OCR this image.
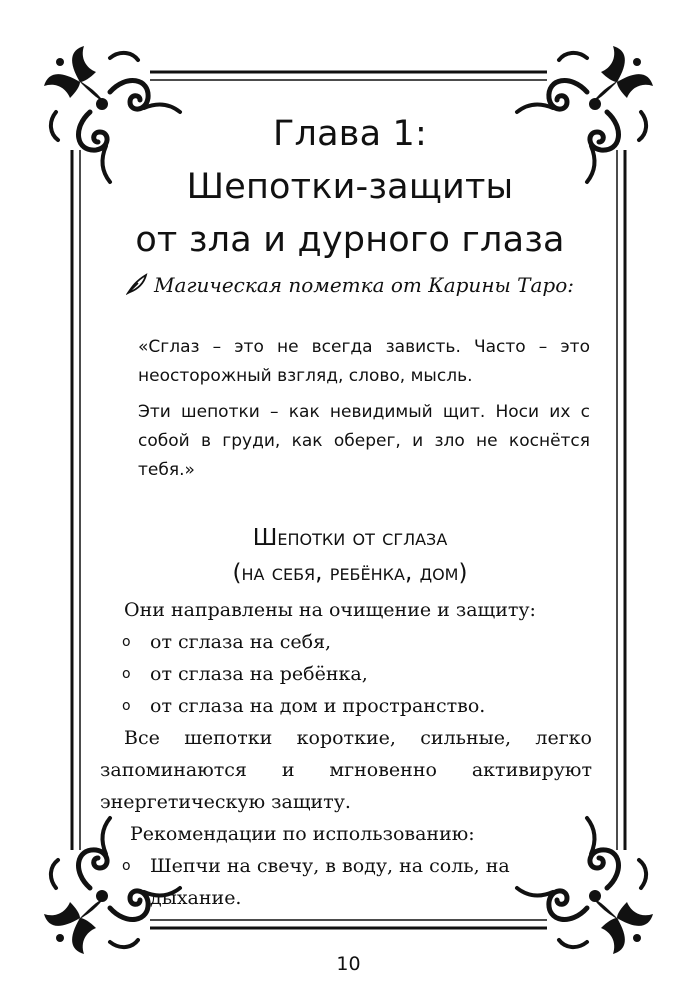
Глава 1:
Шепотки-защиты
от зла и дурного глаза
Магическая пометка от Карины Таро:

«Сглаз – это не всегда зависть. Часто – это неосторожный взгляд, слово, мысль.

Эти шепотки – как невидимый щит. Носи их с собой в груди, как оберег, и зло не коснётся тебя.»

Шепотки от сглаза
(на себя, ребёнка, дом)

Они направлены на очищение и защиту:

o от сглаза на себя,
o от сглаза на ребёнка,
o от сглаза на дом и пространство.

Все шепотки короткие, сильные, легко запоминаются и мгновенно активируют энергетическую защиту.

Рекомендации по использованию:

o Шепчи на свечу, в воду, на соль, на дыхание.
10
